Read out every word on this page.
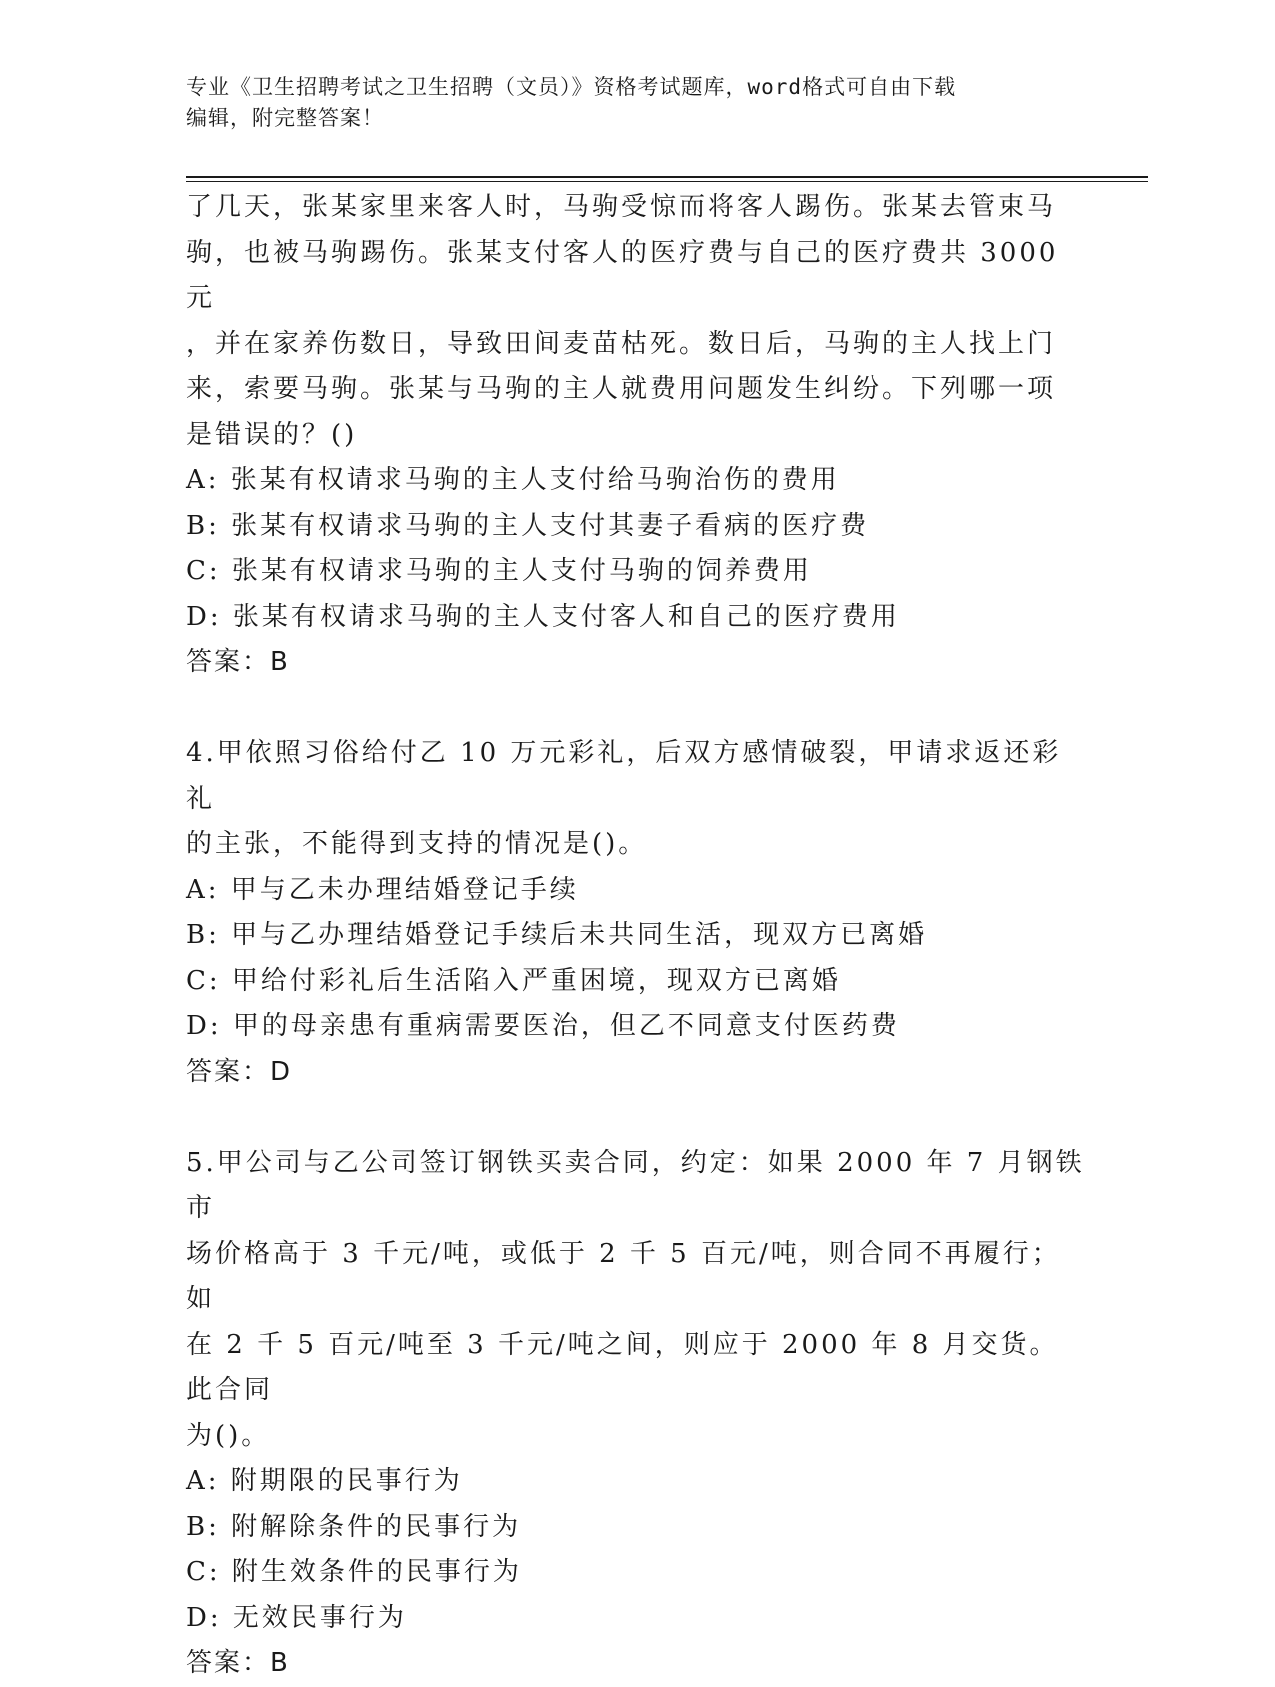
专业《卫生招聘考试之卫生招聘（文员）》资格考试题库，word格式可自由下载
编辑，附完整答案！

了几天，张某家里来客人时，马驹受惊而将客人踢伤。张某去管束马

驹，也被马驹踢伤。张某支付客人的医疗费与自己的医疗费共 3000 元

，并在家养伤数日，导致田间麦苗枯死。数日后，马驹的主人找上门

来，索要马驹。张某与马驹的主人就费用问题发生纠纷。下列哪一项

是错误的？()

A: 张某有权请求马驹的主人支付给马驹治伤的费用

B: 张某有权请求马驹的主人支付其妻子看病的医疗费

C: 张某有权请求马驹的主人支付马驹的饲养费用

D: 张某有权请求马驹的主人支付客人和自己的医疗费用

答案：B

4.甲依照习俗给付乙 10 万元彩礼，后双方感情破裂，甲请求返还彩礼

的主张，不能得到支持的情况是()。

A: 甲与乙未办理结婚登记手续

B: 甲与乙办理结婚登记手续后未共同生活，现双方已离婚

C: 甲给付彩礼后生活陷入严重困境，现双方已离婚

D: 甲的母亲患有重病需要医治，但乙不同意支付医药费

答案：D

5.甲公司与乙公司签订钢铁买卖合同，约定：如果 2000 年 7 月钢铁市

场价格高于 3 千元/吨，或低于 2 千 5 百元/吨，则合同不再履行；如

在 2 千 5 百元/吨至 3 千元/吨之间，则应于 2000 年 8 月交货。此合同

为()。

A: 附期限的民事行为

B: 附解除条件的民事行为

C: 附生效条件的民事行为

D: 无效民事行为

答案：B
